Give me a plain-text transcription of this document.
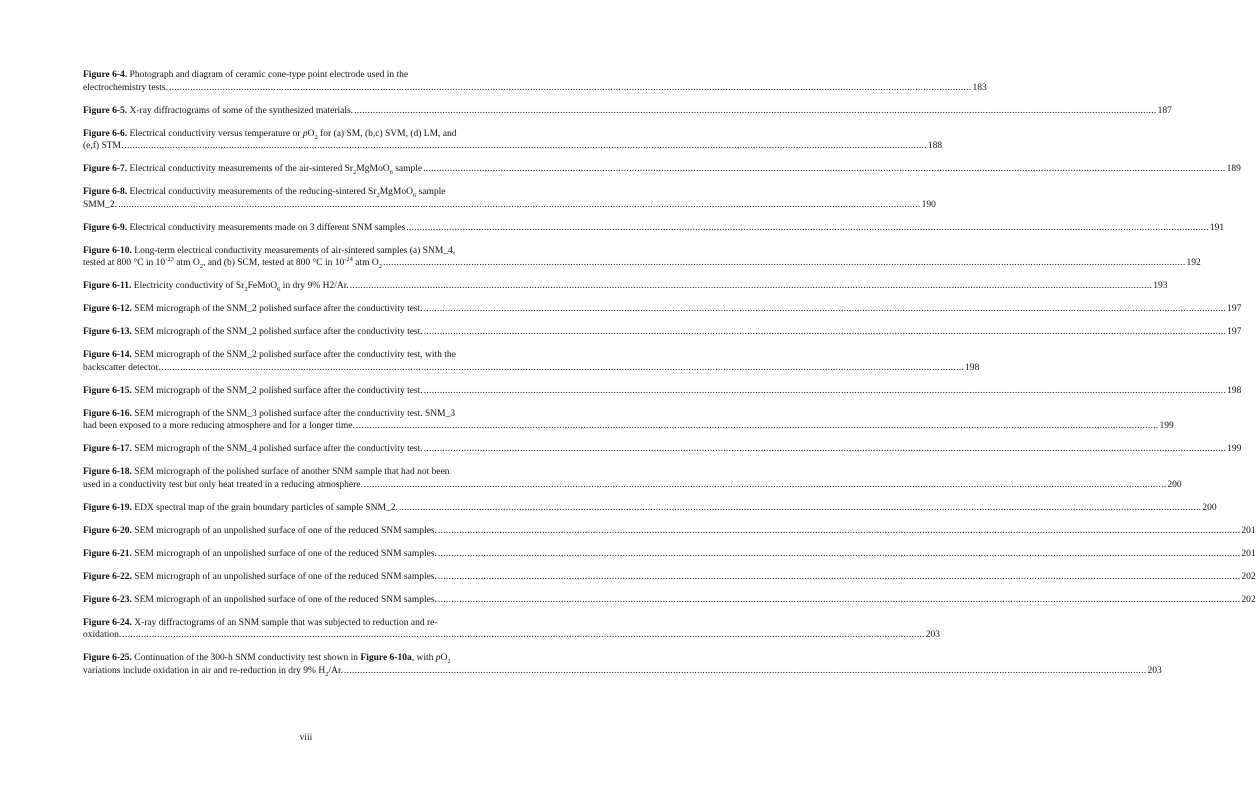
Figure 6-4. Photograph and diagram of ceramic cone-type point electrode used in the
electrochemistry tests. ............................................................................................................................................................................................................................................................................................................ 183
Figure 6-5. X-ray diffractograms of some of the synthesized materials. ............................................................................................................................................................................................................................................................................................................ 187
Figure 6-6. Electrical conductivity versus temperature or $pO_2$ for (a) SM, (b,c) SVM, (d) LM, and
(e,f) STM. ............................................................................................................................................................................................................................................................................................................ 188
Figure 6-7. Electrical conductivity measurements of the air-sintered $Sr_2MgMoO_6$ sample ............................................................................................................................................................................................................................................................................................................ 189
Figure 6-8. Electrical conductivity measurements of the reducing-sintered $Sr_2MgMoO_6$ sample
SMM_2. ............................................................................................................................................................................................................................................................................................................ 190
Figure 6-9. Electrical conductivity measurements made on 3 different SNM samples ............................................................................................................................................................................................................................................................................................................ 191
Figure 6-10. Long-term electrical conductivity measurements of air-sintered samples (a) SNM_4,
tested at 800 °C in $10^{-23}$ atm $O_2$, and (b) SCM, tested at 800 °C in $10^{-24}$ atm $O_2$ ............................................................................................................................................................................................................................................................................................................ 192
Figure 6-11. Electricity conductivity of $Sr_2FeMoO_6$ in dry 9% H2/Ar. ............................................................................................................................................................................................................................................................................................................ 193
Figure 6-12. SEM micrograph of the SNM_2 polished surface after the conductivity test. ............................................................................................................................................................................................................................................................................................................ 197
Figure 6-13. SEM micrograph of the SNM_2 polished surface after the conductivity test. ............................................................................................................................................................................................................................................................................................................ 197
Figure 6-14. SEM micrograph of the SNM_2 polished surface after the conductivity test, with the
backscatter detector. ............................................................................................................................................................................................................................................................................................................ 198
Figure 6-15. SEM micrograph of the SNM_2 polished surface after the conductivity test. ............................................................................................................................................................................................................................................................................................................ 198
Figure 6-16. SEM micrograph of the SNM_3 polished surface after the conductivity test. SNM_3
had been exposed to a more reducing atmosphere and for a longer time. ............................................................................................................................................................................................................................................................................................................ 199
Figure 6-17. SEM micrograph of the SNM_4 polished surface after the conductivity test. ............................................................................................................................................................................................................................................................................................................ 199
Figure 6-18. SEM micrograph of the polished surface of another SNM sample that had not been
used in a conductivity test but only heat treated in a reducing atmosphere. ............................................................................................................................................................................................................................................................................................................ 200
Figure 6-19. EDX spectral map of the grain boundary particles of sample SNM_2. ............................................................................................................................................................................................................................................................................................................ 200
Figure 6-20. SEM micrograph of an unpolished surface of one of the reduced SNM samples. ............................................................................................................................................................................................................................................................................................................ 201
Figure 6-21. SEM micrograph of an unpolished surface of one of the reduced SNM samples. ............................................................................................................................................................................................................................................................................................................ 201
Figure 6-22. SEM micrograph of an unpolished surface of one of the reduced SNM samples. ............................................................................................................................................................................................................................................................................................................ 202
Figure 6-23. SEM micrograph of an unpolished surface of one of the reduced SNM samples. ............................................................................................................................................................................................................................................................................................................ 202
Figure 6-24. X-ray diffractograms of an SNM sample that was subjected to reduction and re-
oxidation. ............................................................................................................................................................................................................................................................................................................ 203
Figure 6-25. Continuation of the 300-h SNM conductivity test shown in Figure 6-10a, with $pO_2$
variations include oxidation in air and re-reduction in dry 9% $H_2/Ar$. ............................................................................................................................................................................................................................................................................................................ 203
viii
